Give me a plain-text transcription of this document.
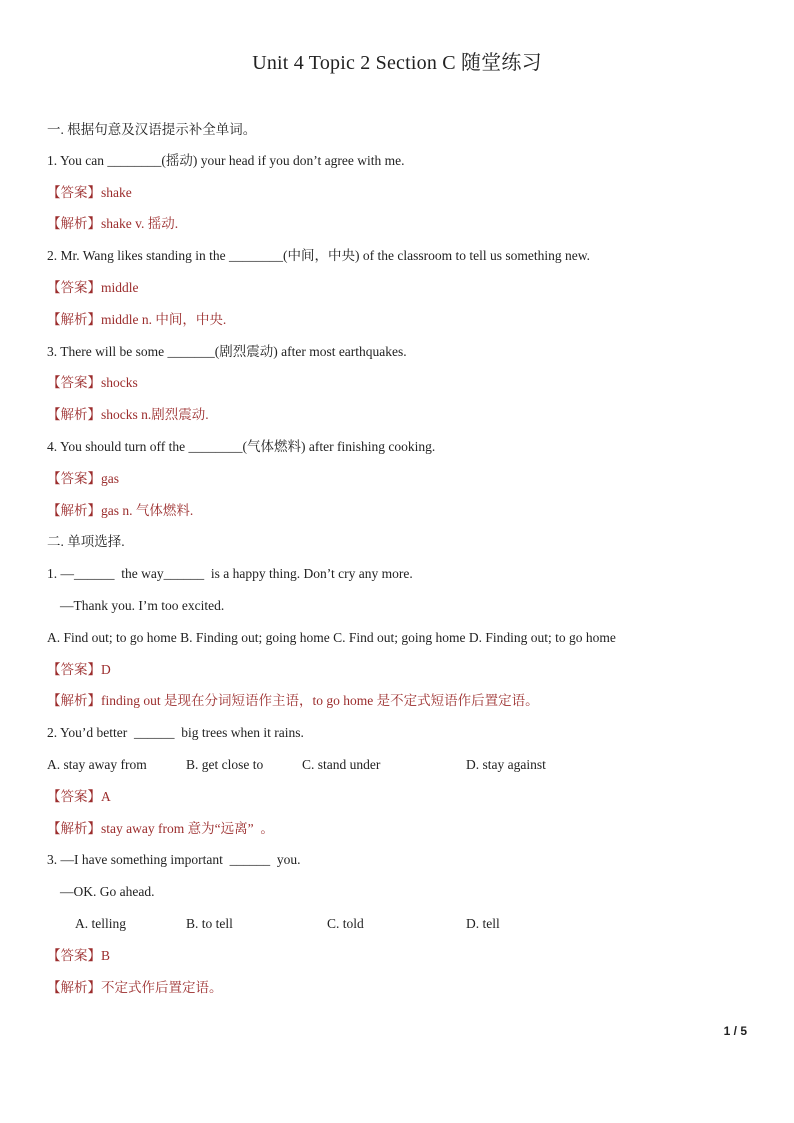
Unit 4 Topic 2 Section C 随堂练习
一. 根据句意及汉语提示补全单词。
1. You can ________(摇动) your head if you don’t agree with me.
【答案】shake
【解析】shake v. 摇动.
2. Mr. Wang likes standing in the ________(中间，中央) of the classroom to tell us something new.
【答案】middle
【解析】middle n. 中间，中央.
3. There will be some _______(剧烈震动) after most earthquakes.
【答案】shocks
【解析】shocks n.剧烈震动.
4. You should turn off the ________(气体燃料) after finishing cooking.
【答案】gas
【解析】gas n. 气体燃料.
二. 单项选择.
1. —______  the way______  is a happy thing. Don’t cry any more.
—Thank you. I’m too excited.
A. Find out; to go home B. Finding out; going home C. Find out; going home D. Finding out; to go home
【答案】D
【解析】finding out 是现在分词短语作主语，to go home 是不定式短语作后置定语。
2. You’d better  ______  big trees when it rains.
A. stay away from	B. get close to	C. stand under	D. stay against
【答案】A
【解析】stay away from 意为“远离”  。
3. —I have something important  ______  you.
—OK. Go ahead.
A. telling	B. to tell	C. told	D. tell
【答案】B
【解析】不定式作后置定语。
1 / 5
